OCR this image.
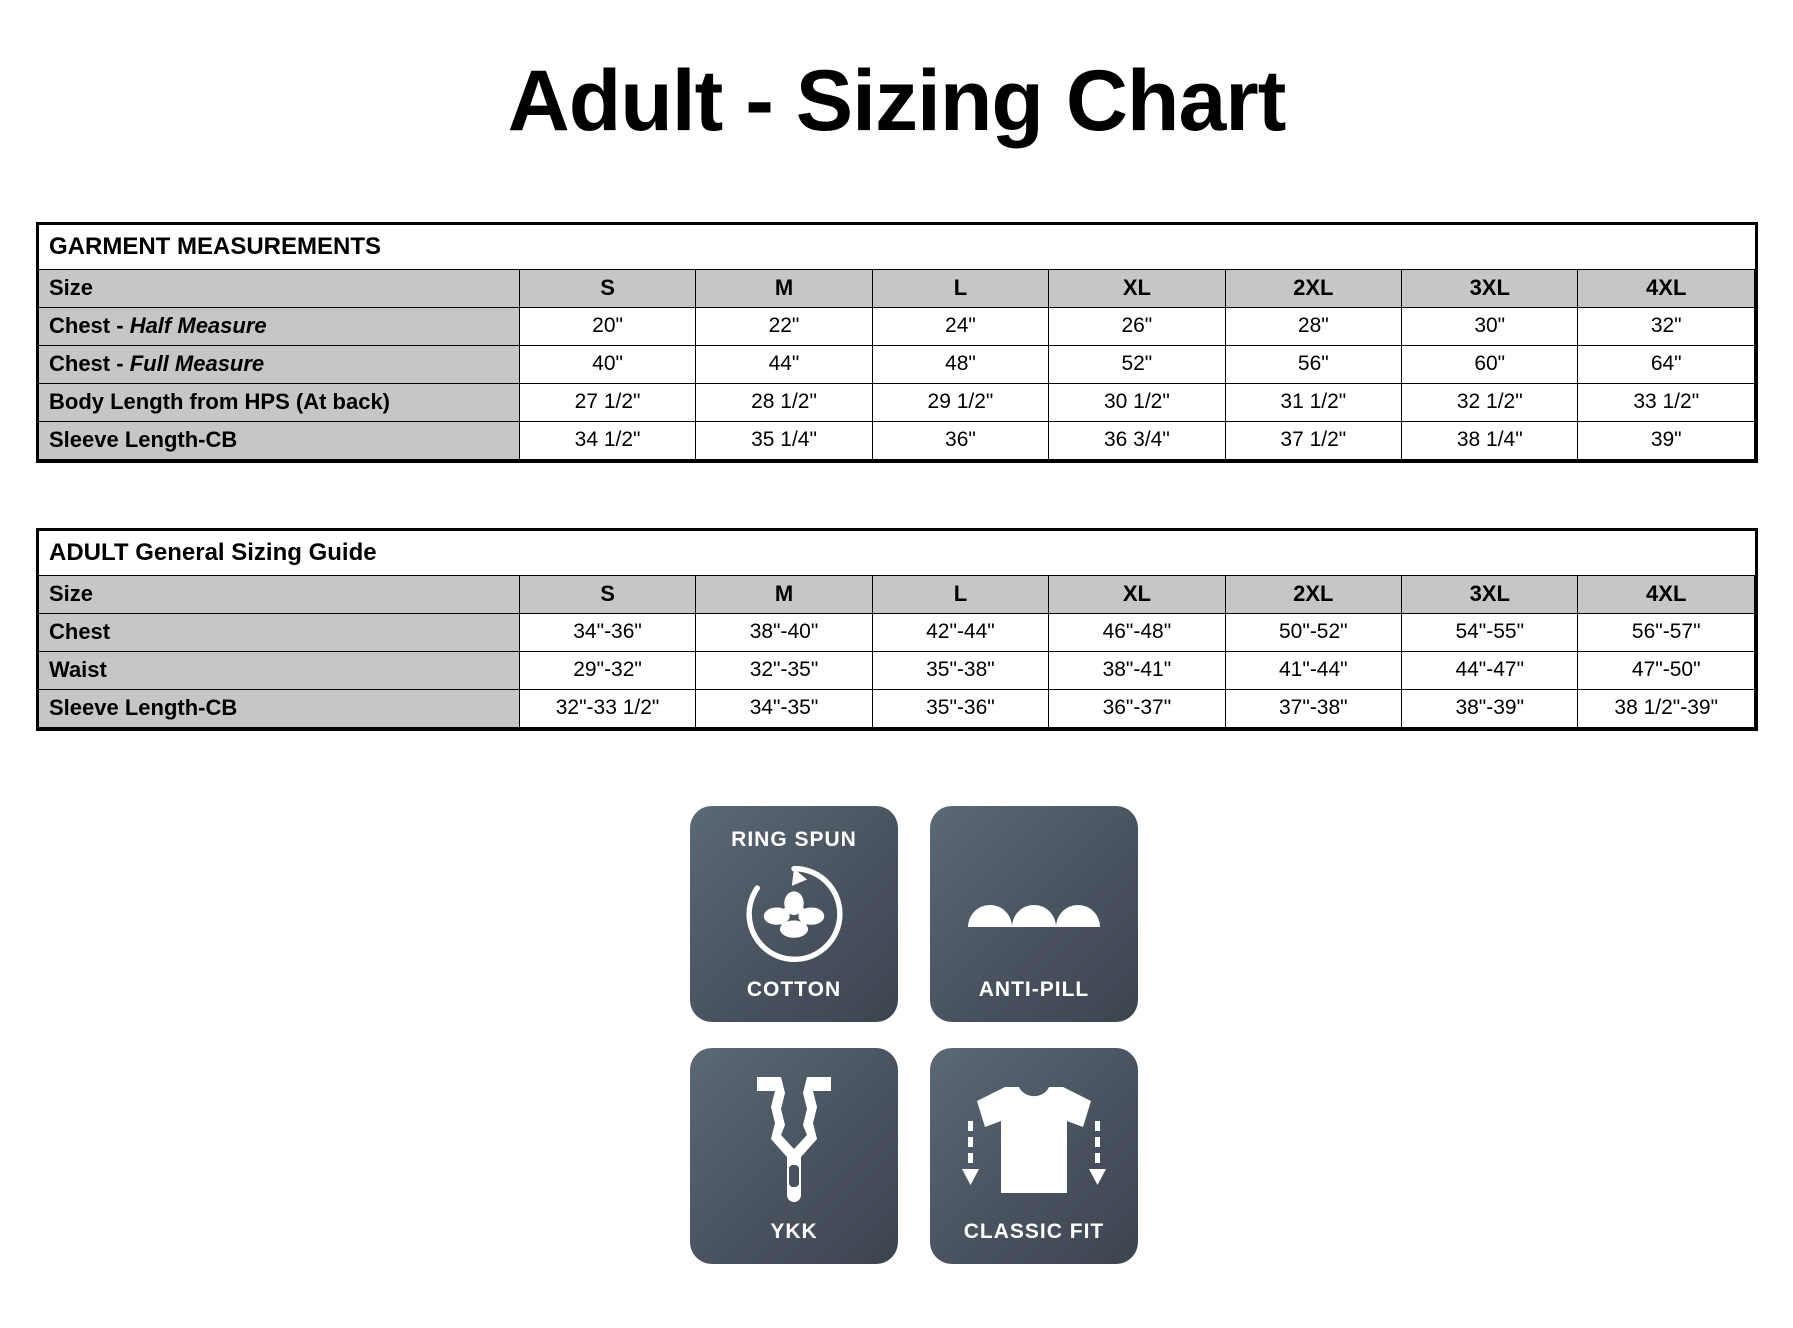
Adult - Sizing Chart
GARMENT MEASUREMENTS							
Size	S	M	L	XL	2XL	3XL	4XL
Chest - Half Measure	20"	22"	24"	26"	28"	30"	32"
Chest - Full Measure	40"	44"	48"	52"	56"	60"	64"
Body Length from HPS (At back)	27 1/2"	28 1/2"	29 1/2"	30 1/2"	31 1/2"	32 1/2"	33 1/2"
Sleeve Length-CB	34 1/2"	35 1/4"	36"	36 3/4"	37 1/2"	38 1/4"	39"
ADULT General Sizing Guide							
Size	S	M	L	XL	2XL	3XL	4XL
Chest	34"-36"	38"-40"	42"-44"	46"-48"	50"-52"	54"-55"	56"-57"
Waist	29"-32"	32"-35"	35"-38"	38"-41"	41"-44"	44"-47"	47"-50"
Sleeve Length-CB	32"-33 1/2"	34"-35"	35"-36"	36"-37"	37"-38"	38"-39"	38 1/2"-39"
RING SPUN
COTTON	ANTI-PILL
YKK	CLASSIC FIT
